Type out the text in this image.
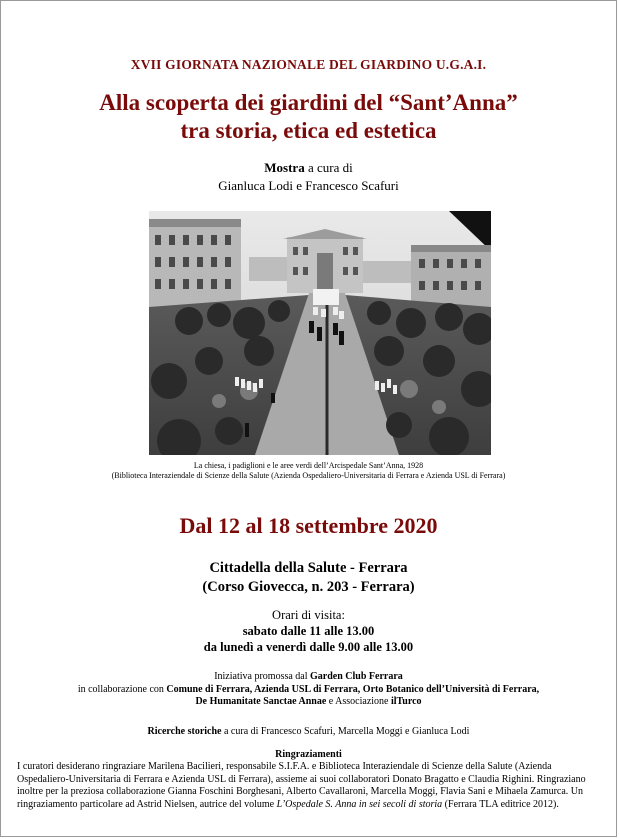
XVII GIORNATA NAZIONALE DEL GIARDINO U.G.A.I.
Alla scoperta dei giardini del “Sant’Anna”
tra storia, etica ed estetica
Mostra a cura di
Gianluca Lodi e Francesco Scafuri
La chiesa, i padiglioni e le aree verdi dell’Arcispedale Sant’Anna, 1928
(Biblioteca Interaziendale di Scienze della Salute (Azienda Ospedaliero-Universitaria di Ferrara e Azienda USL di Ferrara)
Dal 12 al 18 settembre 2020
Cittadella della Salute - Ferrara
(Corso Giovecca, n. 203 - Ferrara)
Orari di visita:
sabato dalle 11 alle 13.00
da lunedì a venerdì dalle 9.00 alle 13.00
Iniziativa promossa dal Garden Club Ferrara
in collaborazione con Comune di Ferrara, Azienda USL di Ferrara, Orto Botanico dell’Università di Ferrara,
De Humanitate Sanctae Annae e Associazione ilTurco
Ricerche storiche a cura di Francesco Scafuri, Marcella Moggi e Gianluca Lodi
Ringraziamenti
I curatori desiderano ringraziare Marilena Bacilieri, responsabile S.I.F.A. e Biblioteca Interaziendale di Scienze della Salute (Azienda Ospedaliero-Universitaria di Ferrara e Azienda USL di Ferrara), assieme ai suoi collaboratori Donato Bragatto e Claudia Righini. Ringraziano inoltre per la preziosa collaborazione Gianna Foschini Borghesani, Alberto Cavallaroni, Marcella Moggi, Flavia Sani e Mihaela Zamurca. Un ringraziamento particolare ad Astrid Nielsen, autrice del volume L’Ospedale S. Anna in sei secoli di storia (Ferrara TLA editrice 2012).
